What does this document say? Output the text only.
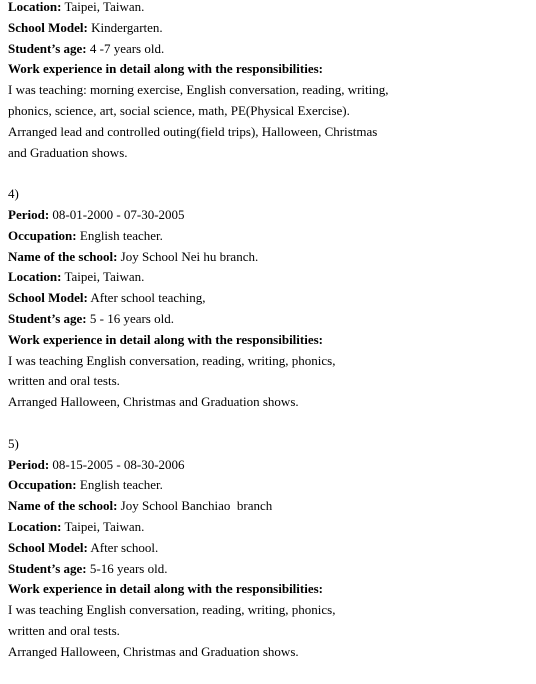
Location: Taipei, Taiwan.
School Model: Kindergarten.
Student’s age: 4 -7 years old.
Work experience in detail along with the responsibilities:
I was teaching: morning exercise, English conversation, reading, writing,
phonics, science, art, social science, math, PE(Physical Exercise).
Arranged lead and controlled outing(field trips), Halloween, Christmas
and Graduation shows.
4)
Period: 08-01-2000 - 07-30-2005
Occupation: English teacher.
Name of the school: Joy School Nei hu branch.
Location: Taipei, Taiwan.
School Model: After school teaching,
Student’s age: 5 - 16 years old.
Work experience in detail along with the responsibilities:
I was teaching English conversation, reading, writing, phonics,
written and oral tests.
Arranged Halloween, Christmas and Graduation shows.
5)
Period: 08-15-2005 - 08-30-2006
Occupation: English teacher.
Name of the school: Joy School Banchiao  branch
Location: Taipei, Taiwan.
School Model: After school.
Student’s age: 5-16 years old.
Work experience in detail along with the responsibilities:
I was teaching English conversation, reading, writing, phonics,
written and oral tests.
Arranged Halloween, Christmas and Graduation shows.
